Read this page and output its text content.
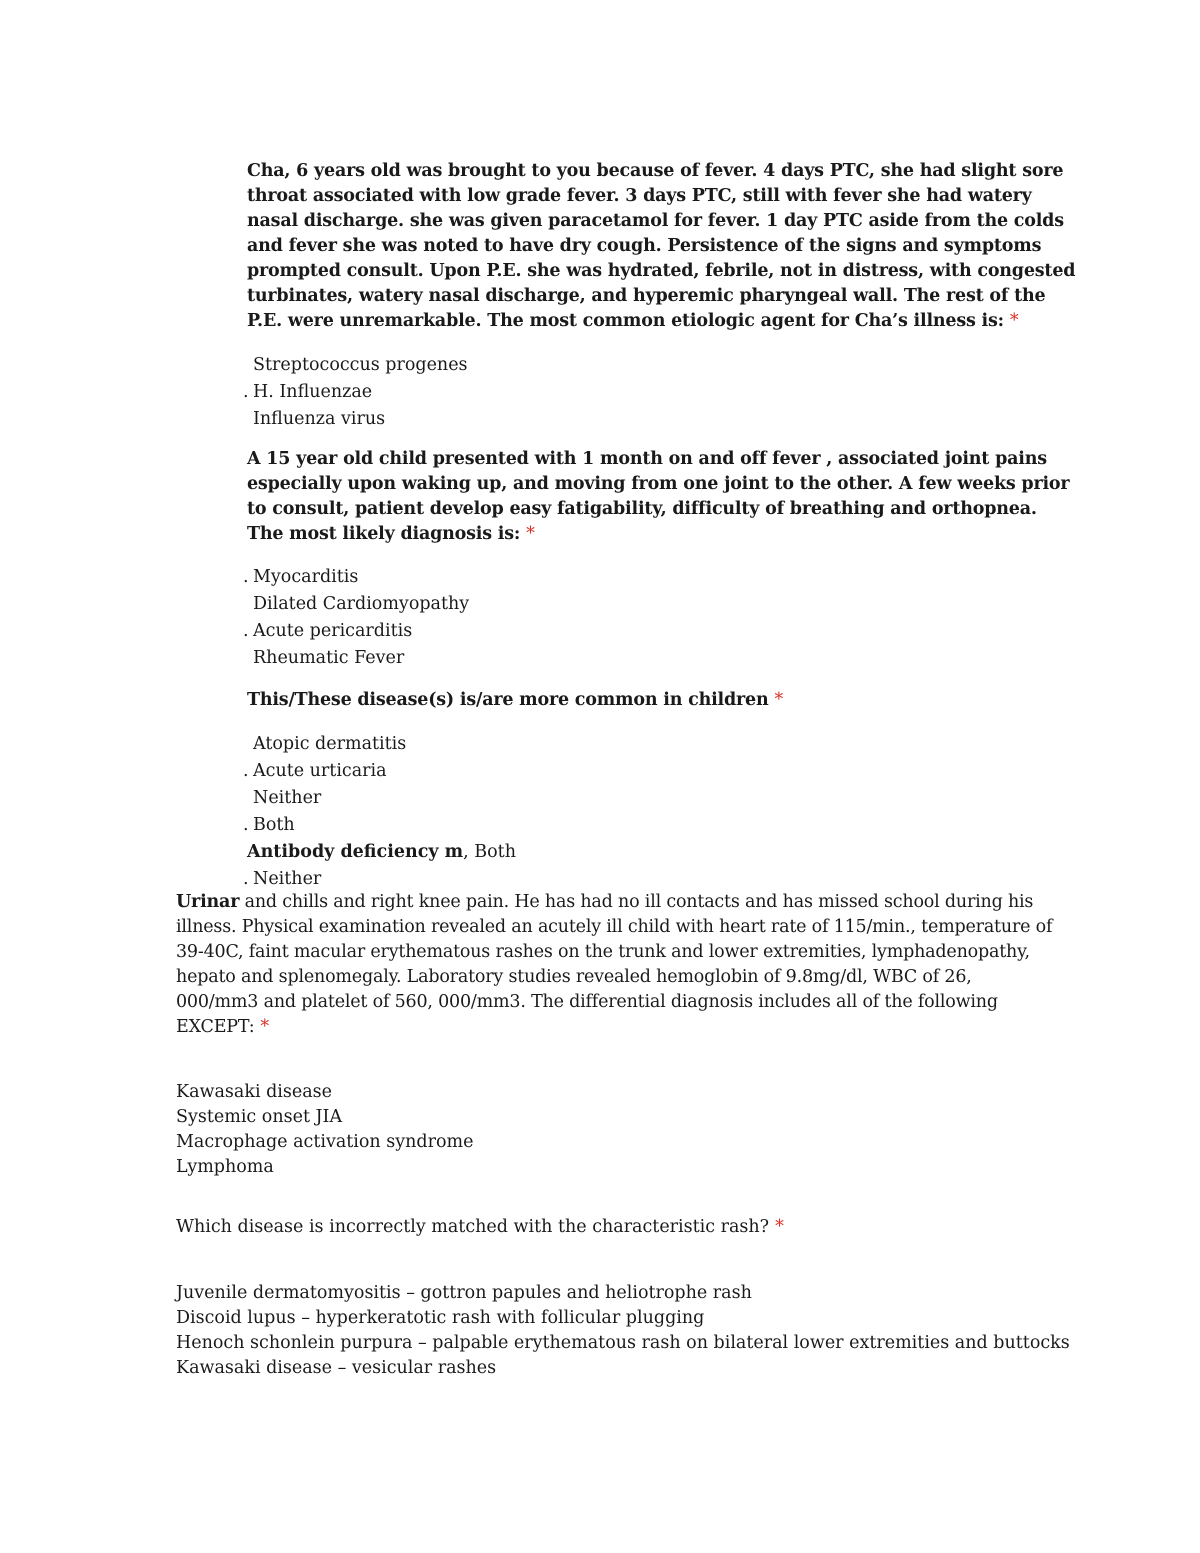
Cha, 6 years old was brought to you because of fever. 4 days PTC, she had slight sore throat associated with low grade fever. 3 days PTC, still with fever she had watery nasal discharge. she was given paracetamol for fever. 1 day PTC aside from the colds and fever she was noted to have dry cough. Persistence of the signs and symptoms prompted consult. Upon P.E. she was hydrated, febrile, not in distress, with congested turbinates, watery nasal discharge, and hyperemic pharyngeal wall. The rest of the P.E. were unremarkable. The most common etiologic agent for Cha’s illness is: *
Streptococcus progenes
. H. Influenzae
Influenza virus
A 15 year old child presented with 1 month on and off fever , associated joint pains especially upon waking up, and moving from one joint to the other. A few weeks prior to consult, patient develop easy fatigability, difficulty of breathing and orthopnea. The most likely diagnosis is: *
. Myocarditis
Dilated Cardiomyopathy
. Acute pericarditis
Rheumatic Fever
This/These disease(s) is/are more common in children *
Atopic dermatitis
. Acute urticaria
Neither
. Both
Antibody deficiency m, Both
. Neither
Urinar and chills and right knee pain. He has had no ill contacts and has missed school during his illness. Physical examination revealed an acutely ill child with heart rate of 115/min., temperature of 39-40C, faint macular erythematous rashes on the trunk and lower extremities, lymphadenopathy, hepato and splenomegaly. Laboratory studies revealed hemoglobin of 9.8mg/dl, WBC of 26, 000/mm3 and platelet of 560, 000/mm3. The differential diagnosis includes all of the following EXCEPT: *
Kawasaki disease
Systemic onset JIA
Macrophage activation syndrome
Lymphoma
Which disease is incorrectly matched with the characteristic rash? *
Juvenile dermatomyositis – gottron papules and heliotrophe rash
Discoid lupus – hyperkeratotic rash with follicular plugging
Henoch schonlein purpura – palpable erythematous rash on bilateral lower extremities and buttocks
Kawasaki disease – vesicular rashes
